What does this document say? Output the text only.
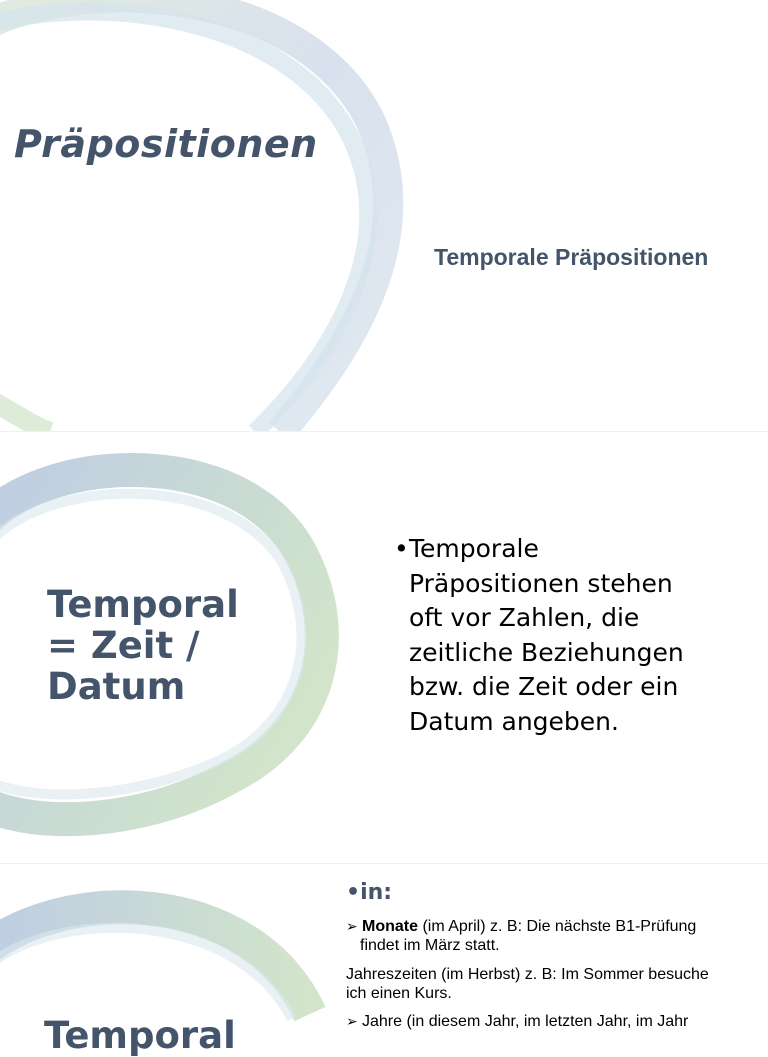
Präpositionen
Temporale Präpositionen
Temporal
= Zeit /
Datum
• Temporale Präpositionen stehen oft vor Zahlen, die zeitliche Beziehungen bzw. die Zeit oder ein Datum angeben.
Temporal
•in:
➢ Monate (im April) z. B: Die nächste B1-Prüfung
findet im März statt.
Jahreszeiten (im Herbst) z. B: Im Sommer besuche
ich einen Kurs.
➢ Jahre (in diesem Jahr, im letzten Jahr, im Jahr
